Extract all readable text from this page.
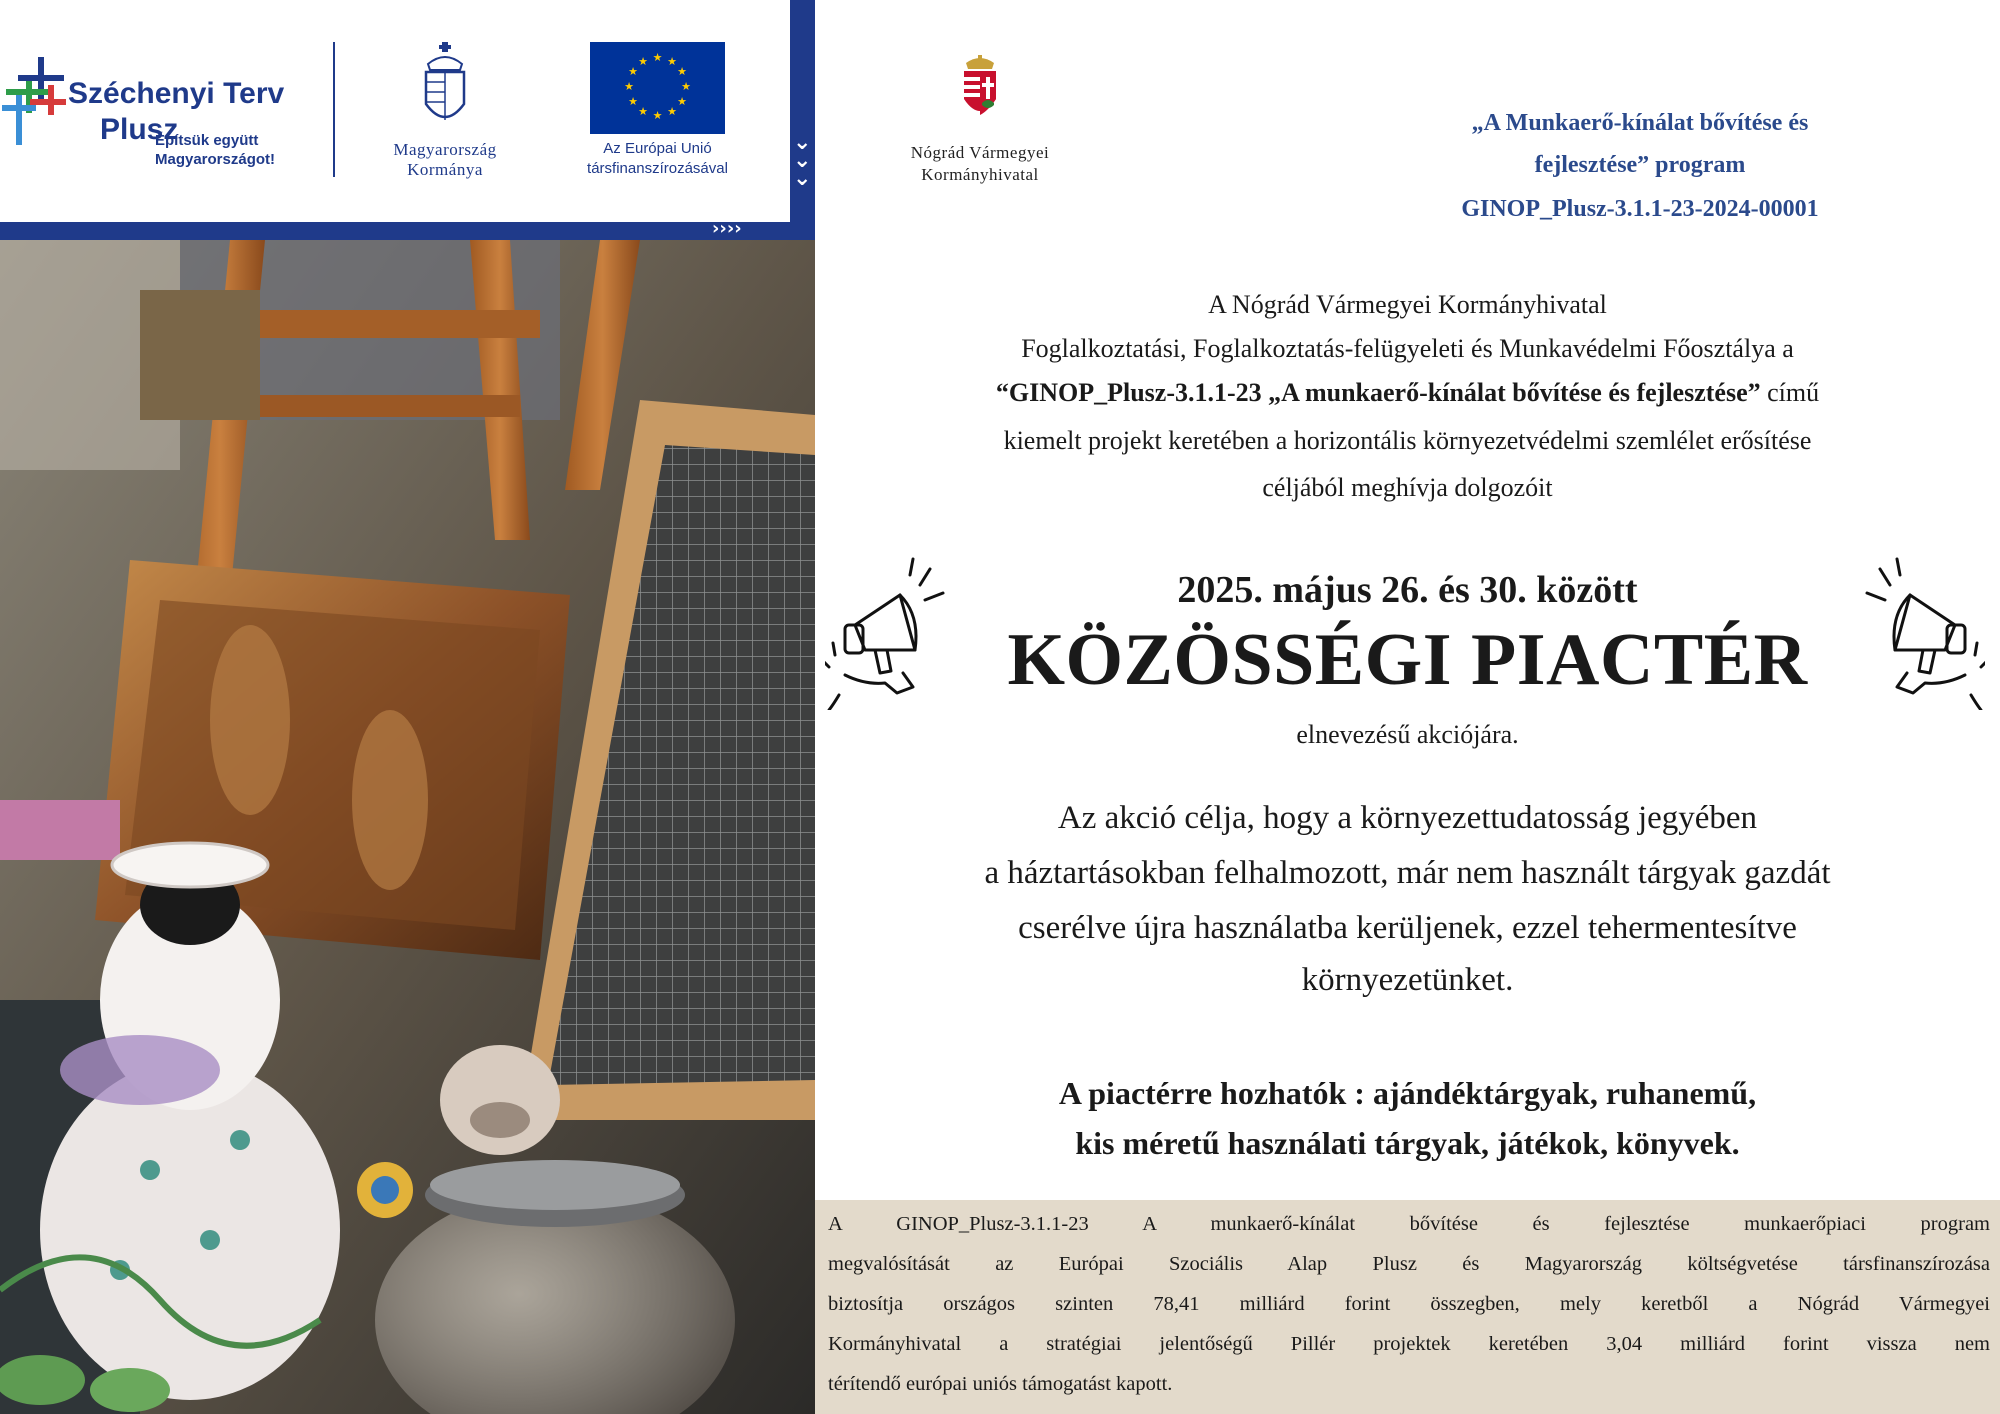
⌄
⌄
⌄
››››
Széchenyi Terv
Plusz
Építsük együtt
Magyarországot!
Magyarország
Kormánya
★ ★
★
★
★
★
★
★
★
★
★
★
Az Európai Unió
társfinanszírozásával
Nógrád Vármegyei
Kormányhivatal
„A Munkaerő-kínálat bővítése és
fejlesztése” program
GINOP_Plusz-3.1.1-23-2024-00001
A Nógrád Vármegyei Kormányhivatal
Foglalkoztatási, Foglalkoztatás-felügyeleti és Munkavédelmi Főosztálya a
“GINOP_Plusz-3.1.1-23 „A munkaerő-kínálat bővítése és fejlesztése” című
kiemelt projekt keretében a horizontális környezetvédelmi szemlélet erősítése
céljából meghívja dolgozóit
2025. május 26. és 30. között
KÖZÖSSÉGI PIACTÉR
elnevezésű akciójára.
Az akció célja, hogy a környezettudatosság jegyében
a háztartásokban felhalmozott, már nem használt tárgyak gazdát
cserélve újra használatba kerüljenek, ezzel tehermentesítve
környezetünket.
A piactérre hozhatók : ajándéktárgyak, ruhanemű,
kis méretű használati tárgyak, játékok, könyvek.
A GINOP_Plusz-3.1.1-23 A munkaerő-kínálat bővítése és fejlesztése munkaerőpiaci program
megvalósítását az Európai Szociális Alap Plusz és Magyarország költségvetése társfinanszírozása
biztosítja országos szinten 78,41 milliárd forint összegben, mely keretből a Nógrád Vármegyei
Kormányhivatal a stratégiai jelentőségű Pillér projektek keretében 3,04 milliárd forint vissza nem
térítendő európai uniós támogatást kapott.
